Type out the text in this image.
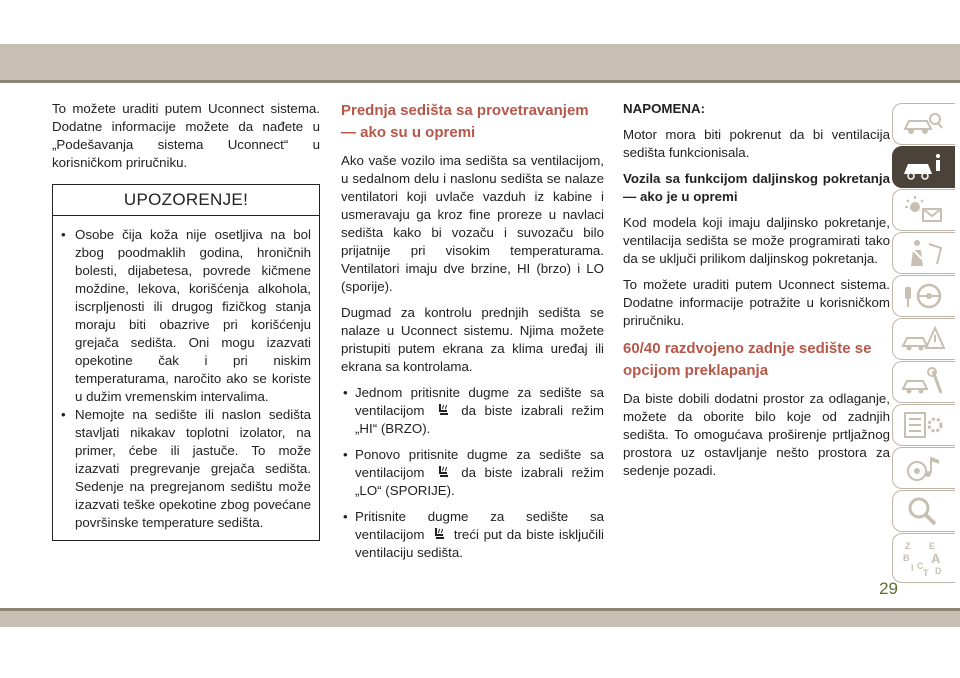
To možete uraditi putem Uconnect sistema. Dodatne informacije možete da nađete u „Podešavanja sistema Uconnect“ u korisničkom priručniku.

UPOZORENJE!
• Osobe čija koža nije osetljiva na bol zbog poodmaklih godina, hroničnih bolesti, dijabetesa, povrede kičmene moždine, lekova, korišćenja alkohola, iscrpljenosti ili drugog fizičkog stanja moraju biti obazrive pri korišćenju grejača sedišta. Oni mogu izazvati opekotine čak i pri niskim temperaturama, naročito ako se koriste u dužim vremenskim intervalima.
• Nemojte na sedište ili naslon sedišta stavljati nikakav toplotni izolator, na primer, ćebe ili jastuče. To može izazvati pregrevanje grejača sedišta. Sedenje na pregrejanom sedištu može izazvati teške opekotine zbog povećane površinske temperature sedišta.
Prednja sedišta sa provetravanjem — ako su u opremi

Ako vaše vozilo ima sedišta sa ventilacijom, u sedalnom delu i naslonu sedišta se nalaze ventilatori koji uvlače vazduh iz kabine i usmeravaju ga kroz fine proreze u navlaci sedišta kako bi vozaču i suvozaču bilo prijatnije pri visokim temperaturama. Ventilatori imaju dve brzine, HI (brzo) i LO (sporije).

Dugmad za kontrolu prednjih sedišta se nalaze u Uconnect sistemu. Njima možete pristupiti putem ekrana za klima uređaj ili ekrana sa kontrolama.

• Jednom pritisnite dugme za sedište sa ventilacijom	da biste izabrali režim „HI“ (BRZO).

• Ponovo pritisnite dugme za sedište sa ventilacijom	da biste izabrali režim „LO“ (SPORIJE).

• Pritisnite dugme za sedište sa ventilacijom treći put da biste isključili ventilaciju sedišta.

NAPOMENA:

Motor mora biti pokrenut da bi ventilacija sedišta funkcionisala.

Vozila sa funkcijom daljinskog pokretanja — ako je u opremi

Kod modela koji imaju daljinsko pokretanje, ventilacija sedišta se može programirati tako da se uključi prilikom daljinskog pokretanja.

To možete uraditi putem Uconnect sistema. Dodatne informacije potražite u korisničkom priručniku.

60/40 razdvojeno zadnje sedište se opcijom preklapanja

Da biste dobili dodatni prostor za odlaganje, možete da oborite bilo koje od zadnjih sedišta. To omogućava proširenje prtljažnog prostora uz ostavljanje nešto prostora za sedenje pozadi.

Z E
B A
I C
T D
29
